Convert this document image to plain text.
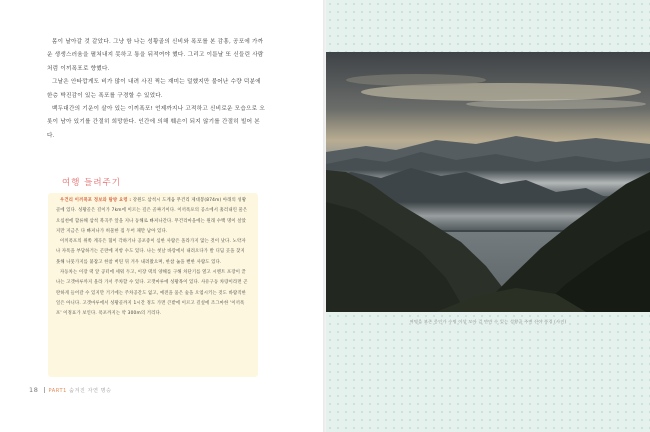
몸이 날아갈 것 같았다. 그냥 함 나는 성황골의 신비와 폭포를 본 감흥, 공포에 가까운 생생스러움을 펼쳐내지 못하고 통을 뒤적여야 했다. 그리고 이튿날 또 신들린 사람처럼 이끼폭포로 향했다.

그날은 안타깝게도 비가 많이 내려 사진 찍는 재미는 덜했지만 불어난 수량 덕분에 한층 박진감이 있는 폭포를 구경할 수 있었다.

백두대간의 기운이 살아 있는 이끼폭포! 언제까지나 고적하고 신비로운 모습으로 오롯이 남아 있기를 간절히 희망한다. 인간에 의해 훼손이 되지 않기를 간절히 빌어 본다.

여행 들려주기

우건리 이끼폭포 정보와 탐방 요령 : 강원도 삼척시 도계읍 무건리 제대봉(874m) 아래의 성황골에 있다. 성황골은 길이가 7km에 이르는 깊은 골짜기이다. 이끼폭포의 공소에서 흘러내린 물은 오십천에 합류해 삼척 북곡주 앞을 지나 동해로 빠져나간다. 무건리마을에는 원래 수백 명이 살았지만 지금은 다 빠져나가 허물한 집 두어 채만 남아 있다.

이끼폭포의 위쪽 계곡은 협이 각하거나 공포증이 심한 사람은 올라가지 않는 것이 낫다. 노약자나 자폭을 부담하거는 곤란에 저항 수도 있다. 나는 첫날 바랑에서 내려오다가 발 디딤 곳을 찾지 못해 나뭇가지를 붙잡고 한참 버틴 뒤 겨우 내려왔으며, 한참 눕을 뻔한 사람도 있다.

자동차는 이장 댁 앞 공터에 세워 두고, 이장 댁의 양해를 구해 차단기를 열고 시멘트 포장이 끝나는 고갯마루까지 올라 가서 주차할 수 있다. 고갯마루에 성황목이 있다. 사유구동 차량이라면 곤란하게 들어갈 수 있지만 거기에는 주차공간도 없고, 예전을 품은 숲을 오염시키는 것도 바람직한 일은 아니다. 고갯마루에서 성황골까지 1시간 정도 가면 큰밭에 이르고 길섶에 조그마한 '이끼폭포' 이정표가 보인다. 폭포까지는 약 300m의 거리다.

18 PART1 숨겨진 자연 명승
여명을 보존 몽인가 수명 이상 모아 걸 만만 수 있는 성황골 주변 산야 풍경 (사진)
